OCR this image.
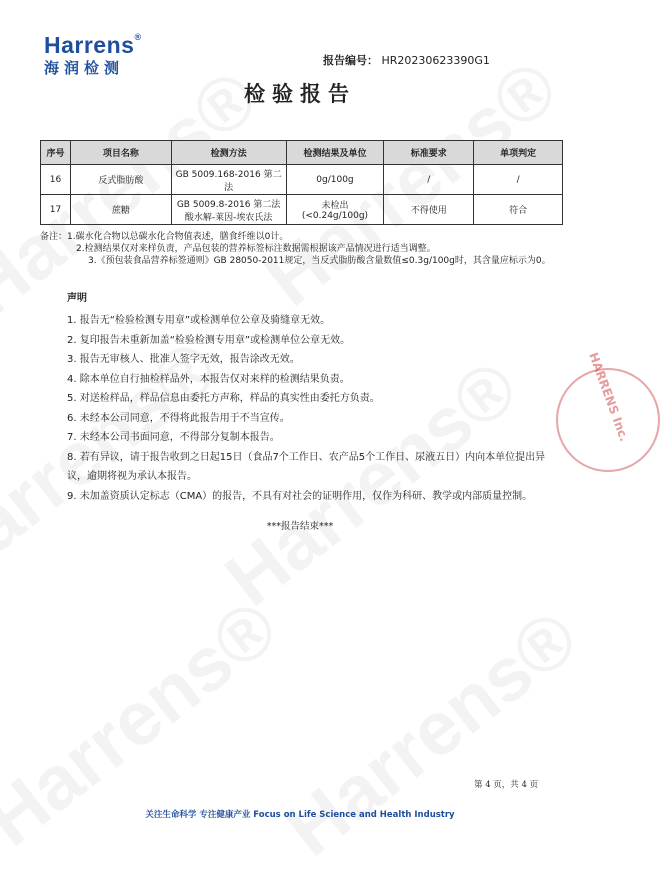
HARRENS Inc.
Harrens®
海润检测	报告编号： HR20230623390G1
检验报告
序号	项目名称	检测方法	检测结果及单位	标准要求	单项判定
16	反式脂肪酸	GB 5009.168-2016 第二法	0g/100g	/	/
17	蔗糖	GB 5009.8-2016 第二法 酸水解-莱因-埃农氏法	未检出(<0.24g/100g)	不得使用	符合

备注：1.碳水化合物以总碳水化合物值表述，膳食纤维以0计。

2.检测结果仅对来样负责，产品包装的营养标签标注数据需根据该产品情况进行适当调整。

3.《预包装食品营养标签通则》GB 28050-2011规定，当反式脂肪酸含量数值≤0.3g/100g时，其含量应标示为0。

声明

1. 报告无“检验检测专用章”或检测单位公章及骑缝章无效。

2. 复印报告未重新加盖“检验检测专用章”或检测单位公章无效。

3. 报告无审核人、批准人签字无效，报告涂改无效。

4. 除本单位自行抽检样品外，本报告仅对来样的检测结果负责。

5. 对送检样品，样品信息由委托方声称，样品的真实性由委托方负责。

6. 未经本公司同意，不得将此报告用于不当宣传。

7. 未经本公司书面同意，不得部分复制本报告。

8. 若有异议，请于报告收到之日起15日（食品7个工作日、农产品5个工作日、尿液五日）内向本单位提出异议，逾期将视为承认本报告。

9. 未加盖资质认定标志（CMA）的报告，不具有对社会的证明作用，仅作为科研、教学或内部质量控制。

***报告结束***
第 4 页，共 4 页
关注生命科学 专注健康产业 Focus on Life Science and Health Industry
